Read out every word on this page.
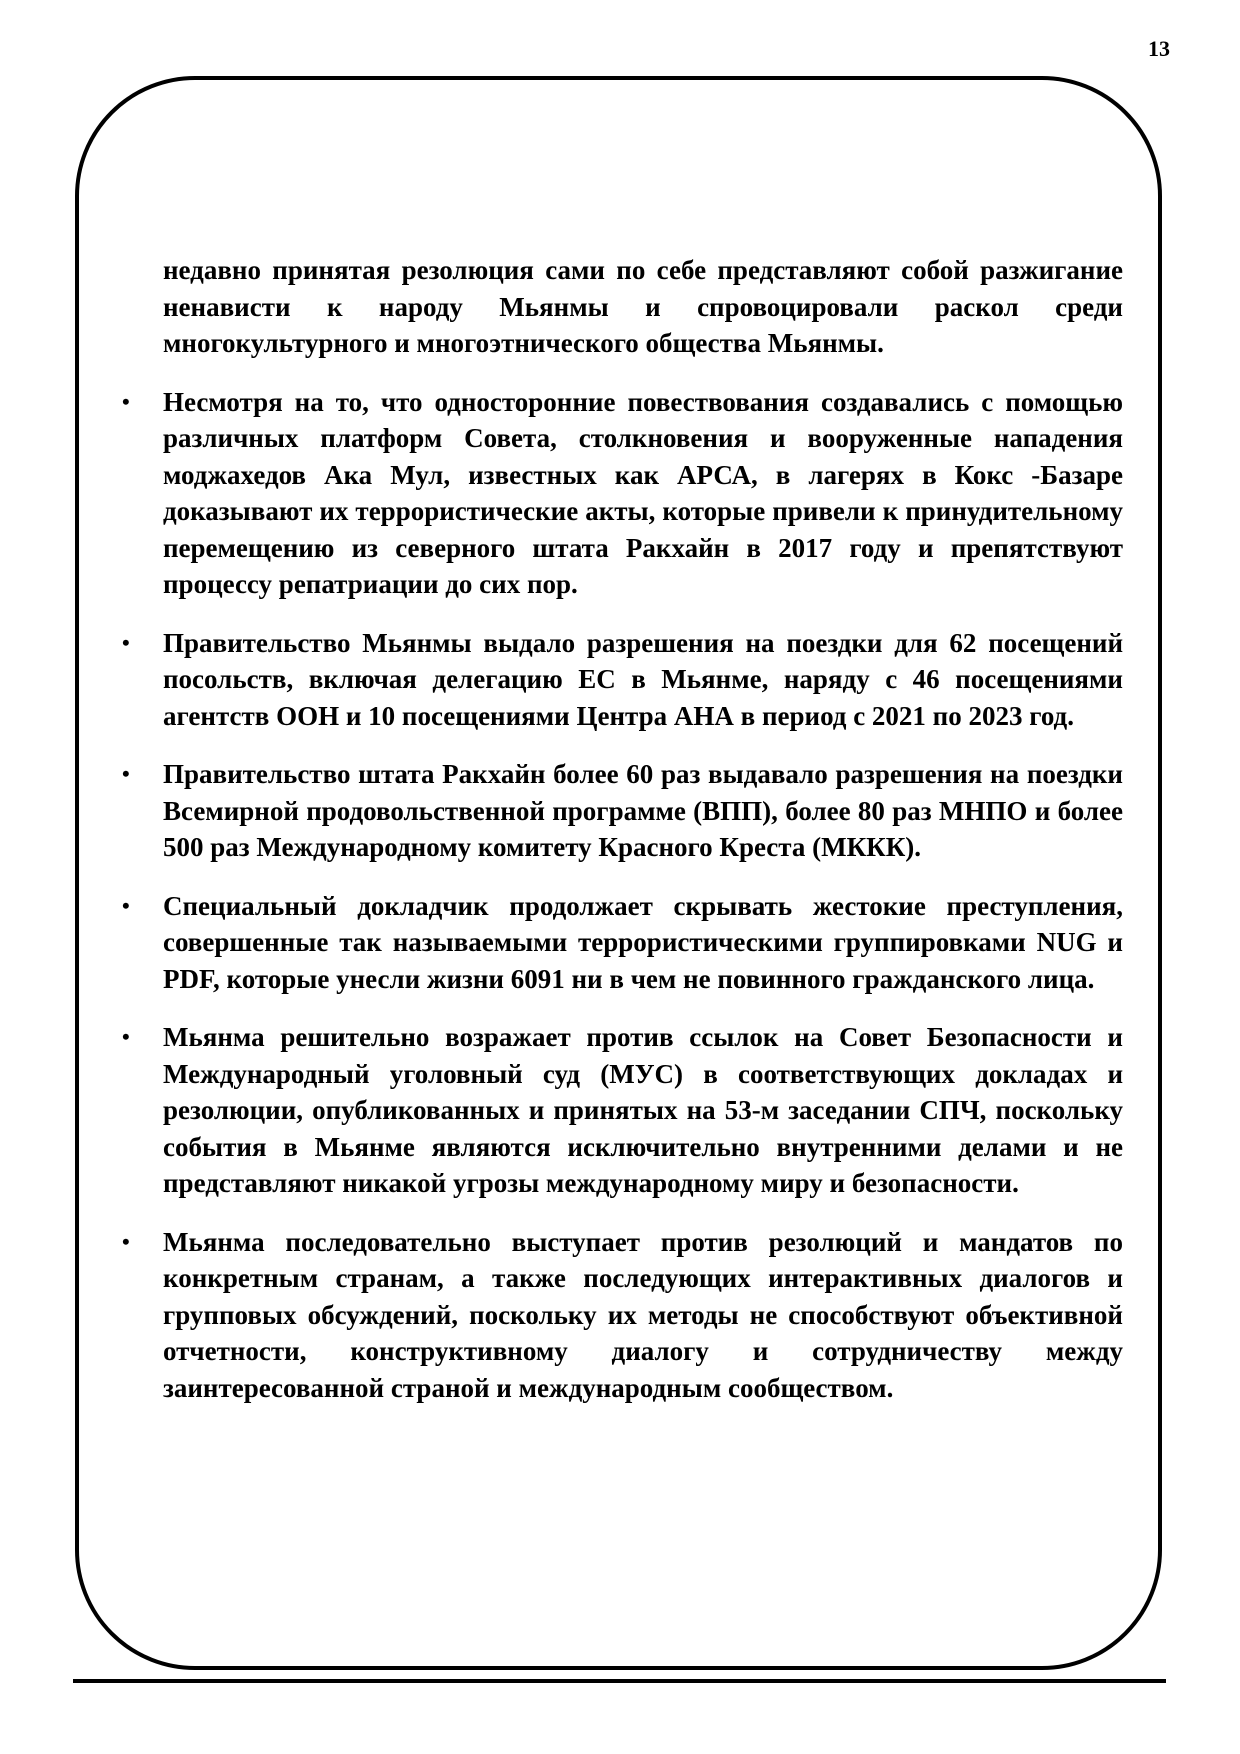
13

недавно принятая резолюция сами по себе представляют собой разжигание ненависти к народу Мьянмы и спровоцировали раскол среди многокультурного и многоэтнического общества Мьянмы.

• Несмотря на то, что односторонние повествования создавались с помощью различных платформ Совета, столкновения и вооруженные нападения моджахедов Ака Мул, известных как АРСА, в лагерях в Кокс -Базаре доказывают их террористические акты, которые привели к принудительному перемещению из северного штата Ракхайн в 2017 году и препятствуют процессу репатриации до сих пор.
• Правительство Мьянмы выдало разрешения на поездки для 62 посещений посольств, включая делегацию ЕС в Мьянме, наряду с 46 посещениями агентств ООН и 10 посещениями Центра АНА в период с 2021 по 2023 год.
• Правительство штата Ракхайн более 60 раз выдавало разрешения на поездки Всемирной продовольственной программе (ВПП), более 80 раз МНПО и более 500 раз Международному комитету Красного Креста (МККК).
• Специальный докладчик продолжает скрывать жестокие преступления, совершенные так называемыми террористическими группировками NUG и PDF, которые унесли жизни 6091 ни в чем не повинного гражданского лица.
• Мьянма решительно возражает против ссылок на Совет Безопасности и Международный уголовный суд (МУС) в соответствующих докладах и резолюции, опубликованных и принятых на 53-м заседании СПЧ, поскольку события в Мьянме являются исключительно внутренними делами и не представляют никакой угрозы международному миру и безопасности.
• Мьянма последовательно выступает против резолюций и мандатов по конкретным странам, а также последующих интерактивных диалогов и групповых обсуждений, поскольку их методы не способствуют объективной отчетности, конструктивному диалогу и сотрудничеству между заинтересованной страной и международным сообществом.
